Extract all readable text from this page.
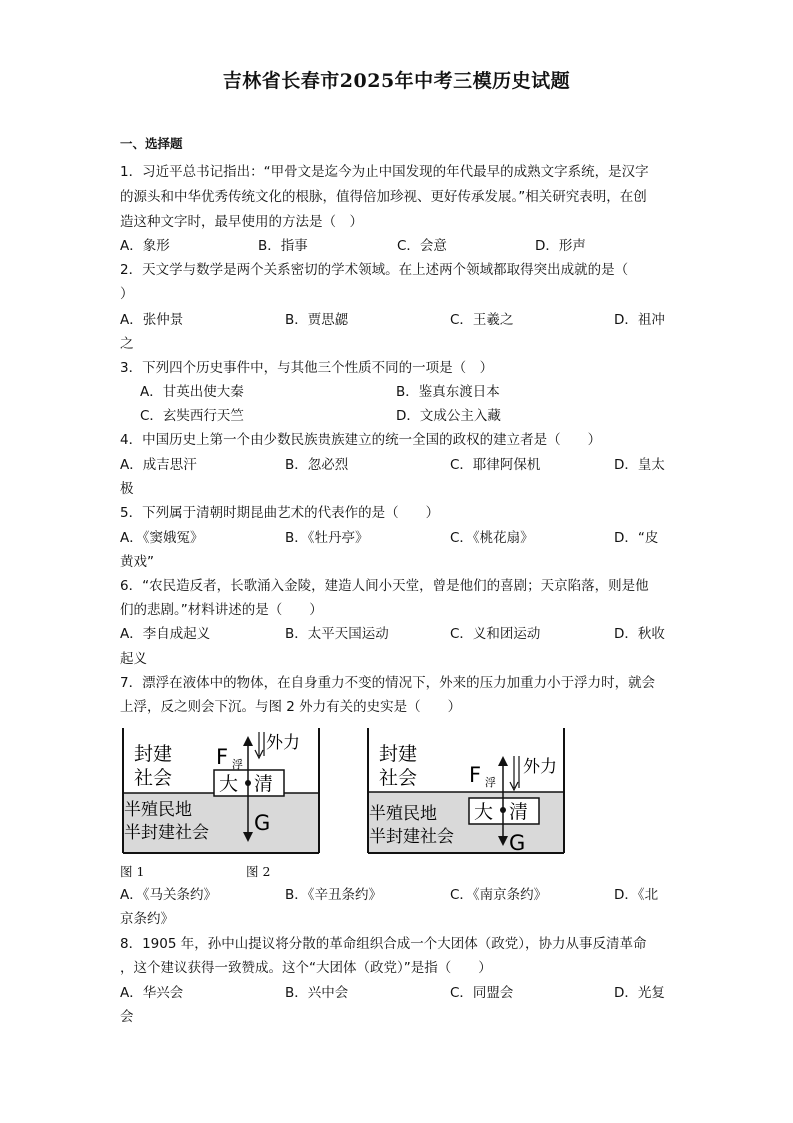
吉林省长春市2025年中考三模历史试题
一、选择题
1．习近平总书记指出：“甲骨文是迄今为止中国发现的年代最早的成熟文字系统，是汉字
的源头和中华优秀传统文化的根脉，值得倍加珍视、更好传承发展。”相关研究表明，在创
造这种文字时，最早使用的方法是（　）
A．象形	B．指事	C．会意	D．形声
2．天文学与数学是两个关系密切的学术领域。在上述两个领域都取得突出成就的是（
）
A．张仲景	B．贾思勰	C．王羲之	D．祖冲
之
3．下列四个历史事件中，与其他三个性质不同的一项是（　）
A．甘英出使大秦	B．鉴真东渡日本
C．玄奘西行天竺	D．文成公主入藏
4．中国历史上第一个由少数民族贵族建立的统一全国的政权的建立者是（　　）
A．成吉思汗	B．忽必烈	C．耶律阿保机	D．皇太
极
5．下列属于清朝时期昆曲艺术的代表作的是（　　）
A．《窦娥冤》	B．《牡丹亭》	C．《桃花扇》	D．“皮
黄戏”
6．“农民造反者，长歌涌入金陵，建造人间小天堂，曾是他们的喜剧；天京陷落，则是他
们的悲剧。”材料讲述的是（　　）
A．李自成起义	B．太平天国运动	C．义和团运动	D．秋收
起义
7．漂浮在液体中的物体，在自身重力不变的情况下，外来的压力加重力小于浮力时，就会
上浮，反之则会下沉。与图 2 外力有关的史实是（　　）
封建
社会
半殖民地
半封建社会
大 清
F 浮
外力
G
封建
社会
半殖民地
半封建社会
大 清
F 浮
外力
G
图 1	图 2
A．《马关条约》	B．《辛丑条约》	C．《南京条约》	D．《北
京条约》
8．1905 年，孙中山提议将分散的革命组织合成一个大团体（政党），协力从事反清革命
，这个建议获得一致赞成。这个“大团体（政党）”是指（　　）
A．华兴会	B．兴中会	C．同盟会	D．光复
会
